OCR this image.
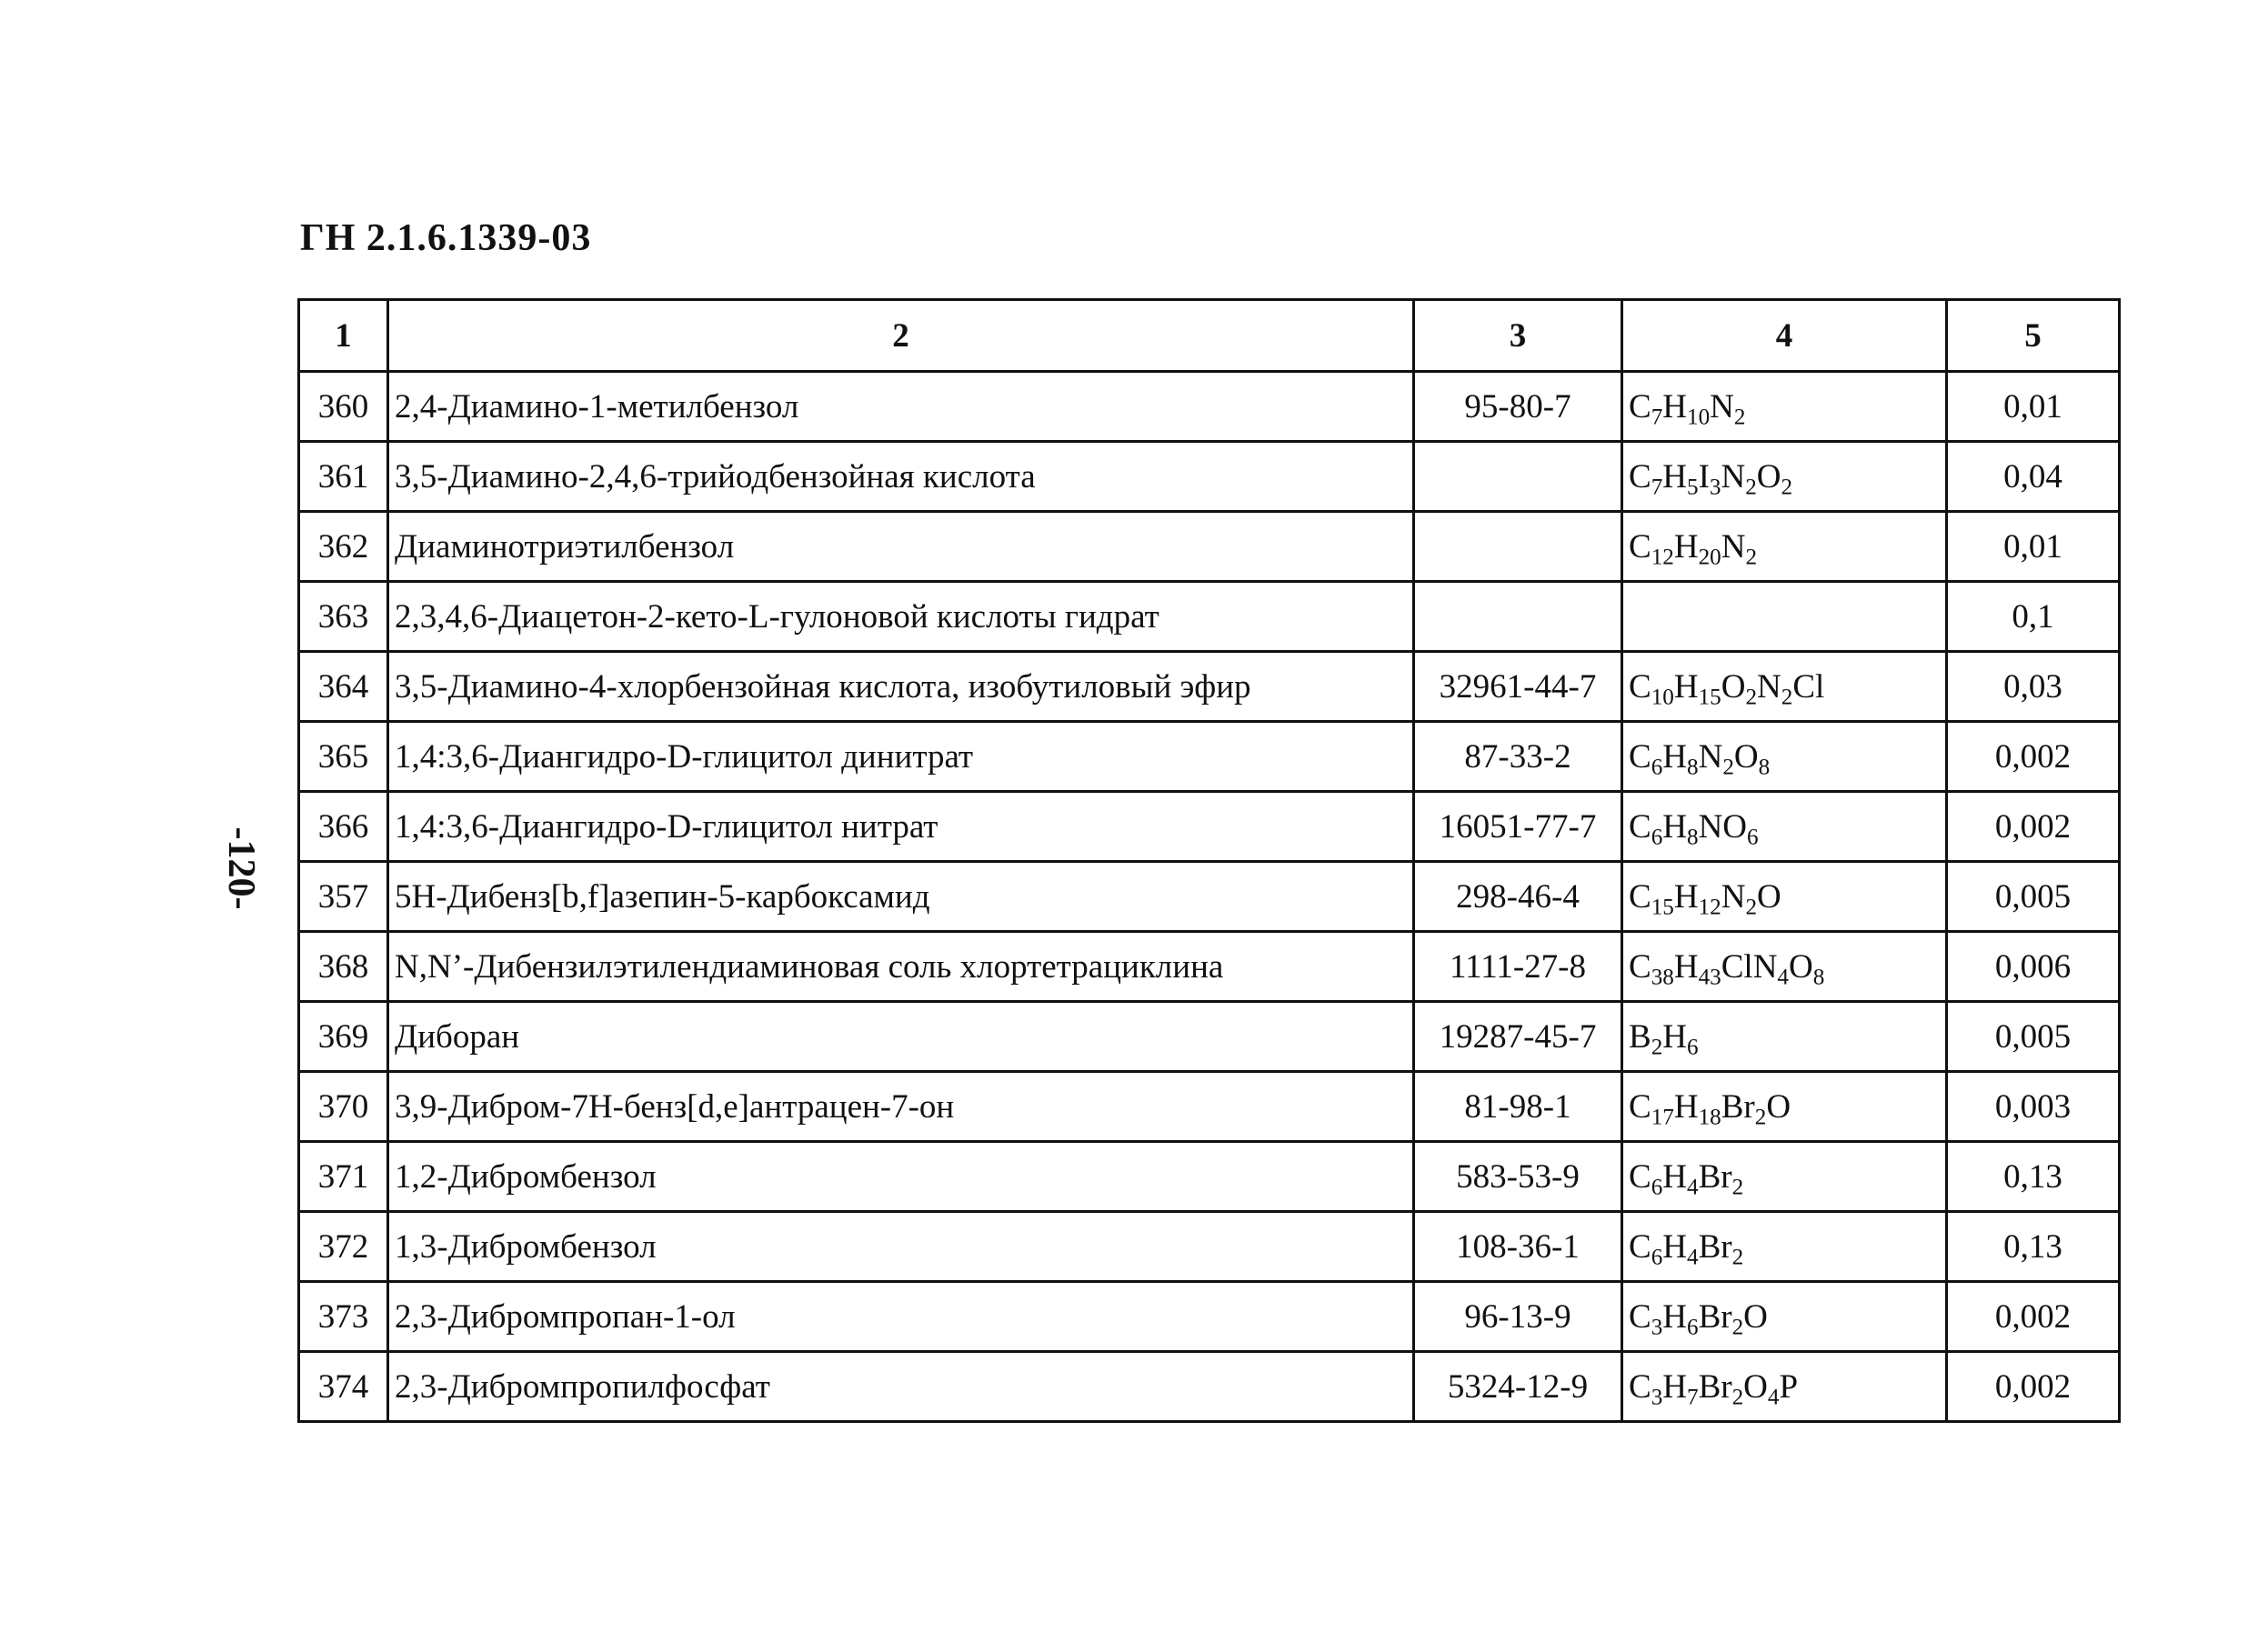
ГН 2.1.6.1339-03
-120-
1	2	3	4	5
360	2,4-Диамино-1-метилбензол	95-80-7	$C_7H_{10}N_2$	0,01
361	3,5-Диамино-2,4,6-трийодбензойная кислота		$C_7H_5I_3N_2O_2$	0,04
362	Диаминотриэтилбензол		$C_{12}H_{20}N_2$	0,01
363	2,3,4,6-Диацетон-2-кето-L-гулоновой кислоты гидрат			0,1
364	3,5-Диамино-4-хлорбензойная кислота, изобутиловый эфир	32961-44-7	$C_{10}H_{15}O_2N_2Cl$	0,03
365	1,4:3,6-Диангидро-D-глицитол динитрат	87-33-2	$C_6H_8N_2O_8$	0,002
366	1,4:3,6-Диангидро-D-глицитол нитрат	16051-77-7	$C_6H_8NO_6$	0,002
357	5Н-Дибенз[b,f]азепин-5-карбоксамид	298-46-4	$C_{15}H_{12}N_2O$	0,005
368	N,N’-Дибензилэтилендиаминовая соль хлортетрациклина	1111-27-8	$C_{38}H_{43}ClN_4O_8$	0,006
369	Диборан	19287-45-7	$B_2H_6$	0,005
370	3,9-Дибром-7Н-бенз[d,e]антрацен-7-он	81-98-1	$C_{17}H_{18}Br_2O$	0,003
371	1,2-Дибромбензол	583-53-9	$C_6H_4Br_2$	0,13
372	1,3-Дибромбензол	108-36-1	$C_6H_4Br_2$	0,13
373	2,3-Дибромпропан-1-ол	96-13-9	$C_3H_6Br_2O$	0,002
374	2,3-Дибромпропилфосфат	5324-12-9	$C_3H_7Br_2O_4P$	0,002
